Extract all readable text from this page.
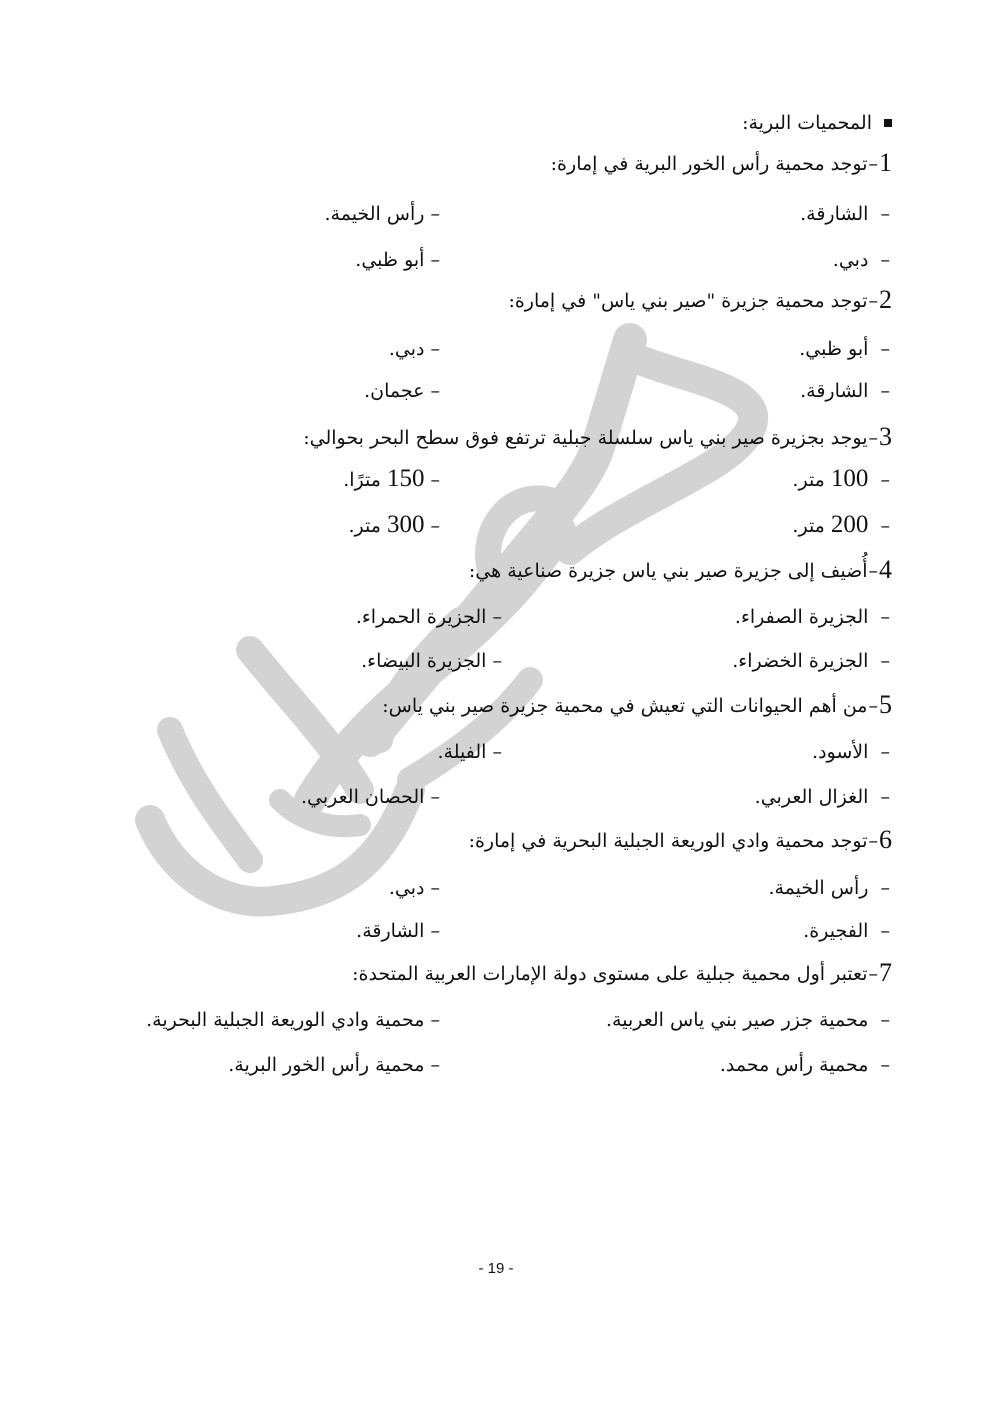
المحميات البرية:
1–توجد محمية رأس الخور البرية في إمارة:
–  الشارقة.
– رأس الخيمة.
–  دبي.
– أبو ظبي.
2–توجد محمية جزيرة "صير بني ياس" في إمارة:
–  أبو ظبي.
– دبي.
–  الشارقة.
– عجمان.
3–يوجد بجزيرة صير بني ياس سلسلة جبلية ترتفع فوق سطح البحر بحوالي:
–  100 متر.
– 150 مترًا.
–  200 متر.
– 300 متر.
4–أُضيف إلى جزيرة صير بني ياس جزيرة صناعية هي:
–  الجزيرة الصفراء.
– الجزيرة الحمراء.
–  الجزيرة الخضراء.
– الجزيرة البيضاء.
5–من أهم الحيوانات التي تعيش في محمية جزيرة صير بني ياس:
–  الأسود.
– الفيلة.
–  الغزال العربي.
– الحصان العربي.
6–توجد محمية وادي الوريعة الجبلية البحرية في إمارة:
–  رأس الخيمة.
– دبي.
–  الفجيرة.
– الشارقة.
7–تعتبر أول محمية جبلية على مستوى دولة الإمارات العربية المتحدة:
–  محمية جزر صير بني ياس العربية.
– محمية وادي الوريعة الجبلية البحرية.
–  محمية رأس محمد.
– محمية رأس الخور البرية.
- 19 -
